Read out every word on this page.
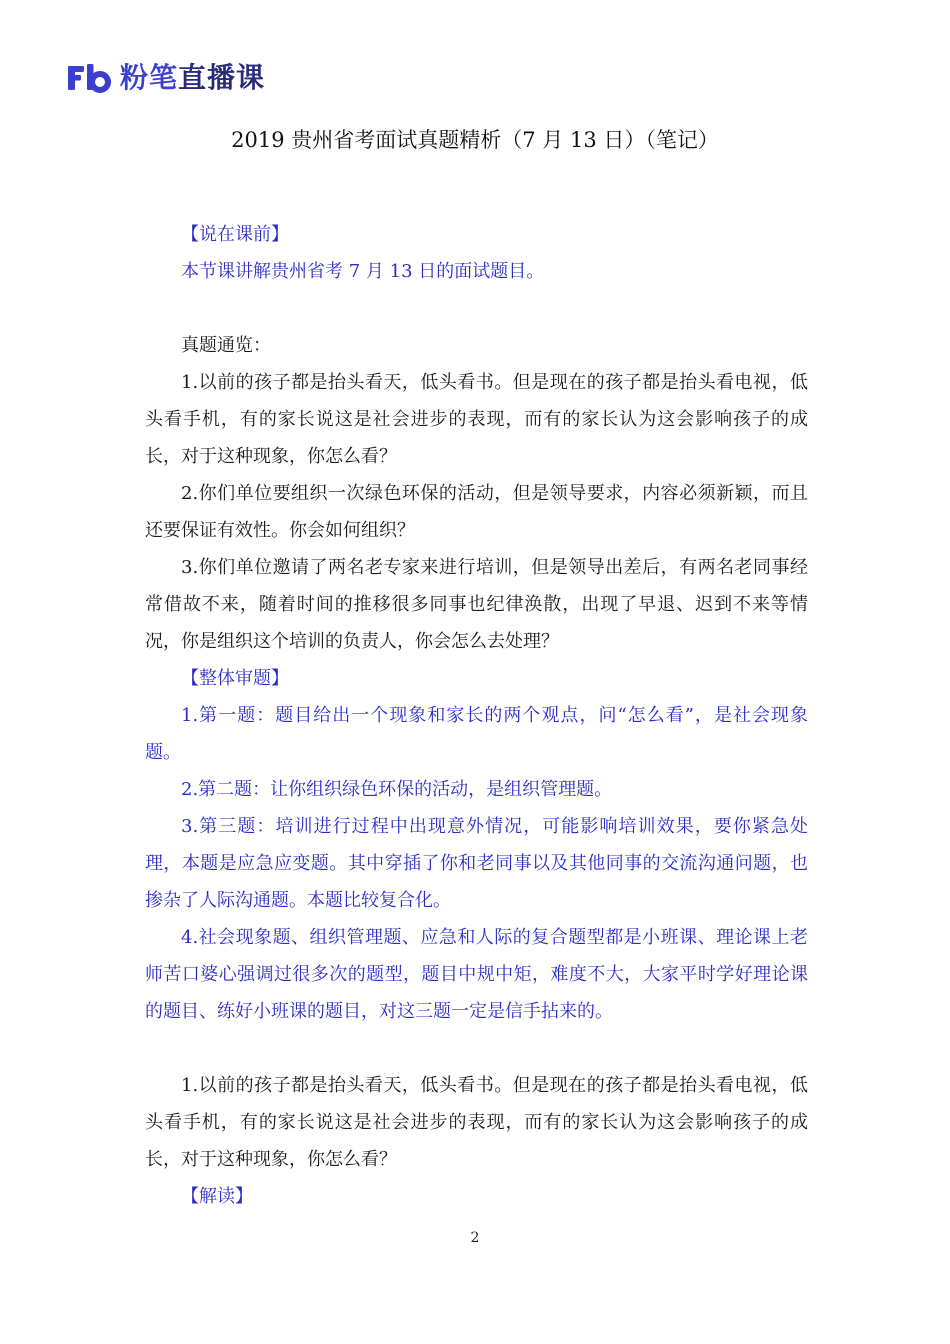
粉笔直播课
2019 贵州省考面试真题精析（7 月 13 日）（笔记）

【说在课前】

本节课讲解贵州省考 7 月 13 日的面试题目。

真题通览：

1.以前的孩子都是抬头看天，低头看书。但是现在的孩子都是抬头看电视，低头看手机，有的家长说这是社会进步的表现，而有的家长认为这会影响孩子的成长，对于这种现象，你怎么看？

2.你们单位要组织一次绿色环保的活动，但是领导要求，内容必须新颖，而且还要保证有效性。你会如何组织？

3.你们单位邀请了两名老专家来进行培训，但是领导出差后，有两名老同事经常借故不来，随着时间的推移很多同事也纪律涣散，出现了早退、迟到不来等情况，你是组织这个培训的负责人，你会怎么去处理？

【整体审题】

1.第一题：题目给出一个现象和家长的两个观点，问“怎么看”，是社会现象题。

2.第二题：让你组织绿色环保的活动，是组织管理题。

3.第三题：培训进行过程中出现意外情况，可能影响培训效果，要你紧急处理，本题是应急应变题。其中穿插了你和老同事以及其他同事的交流沟通问题，也掺杂了人际沟通题。本题比较复合化。

4.社会现象题、组织管理题、应急和人际的复合题型都是小班课、理论课上老师苦口婆心强调过很多次的题型，题目中规中矩，难度不大，大家平时学好理论课的题目、练好小班课的题目，对这三题一定是信手拈来的。

1.以前的孩子都是抬头看天，低头看书。但是现在的孩子都是抬头看电视，低头看手机，有的家长说这是社会进步的表现，而有的家长认为这会影响孩子的成长，对于这种现象，你怎么看？

【解读】

2
